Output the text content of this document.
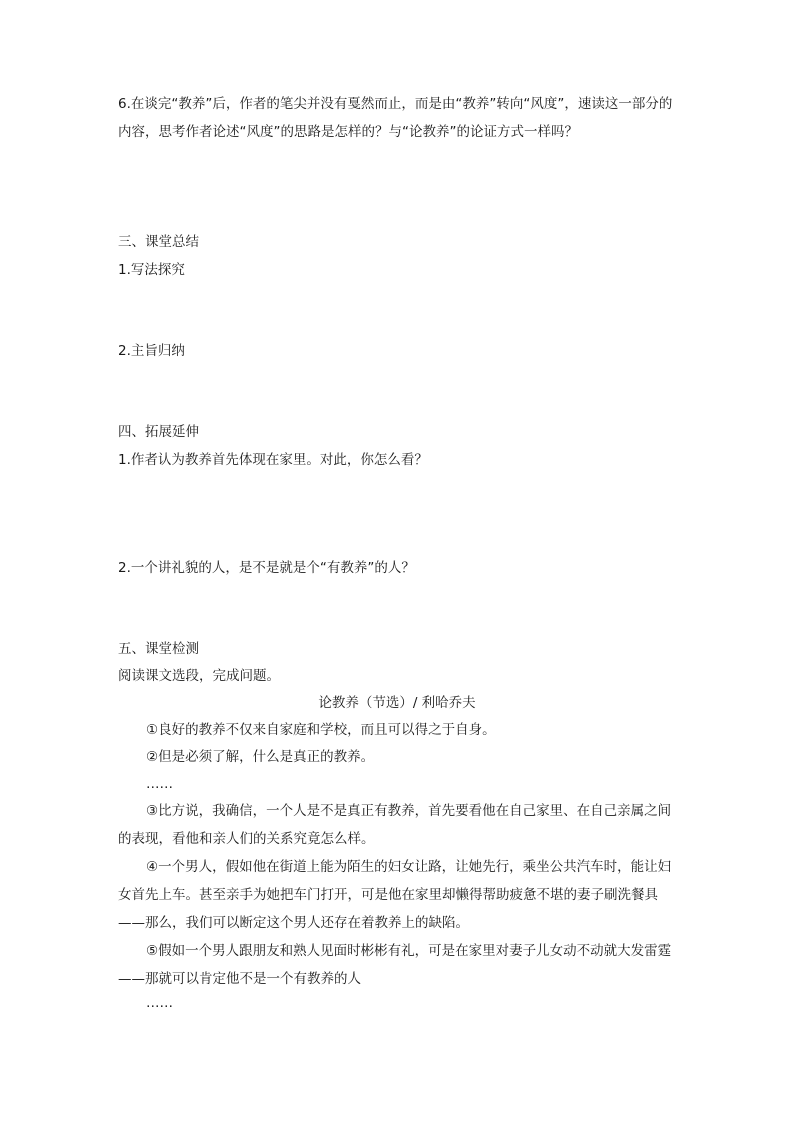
6.在谈完“教养”后，作者的笔尖并没有戛然而止，而是由“教养”转向“风度”，速读这一部分的内容，思考作者论述“风度”的思路是怎样的？与“论教养”的论证方式一样吗？
三、课堂总结
1.写法探究
2.主旨归纳
四、拓展延伸
1.作者认为教养首先体现在家里。对此，你怎么看？
2.一个讲礼貌的人，是不是就是个“有教养”的人？
五、课堂检测
阅读课文选段，完成问题。
论教养（节选）/ 利哈乔夫
①良好的教养不仅来自家庭和学校，而且可以得之于自身。
②但是必须了解，什么是真正的教养。
……
③比方说，我确信，一个人是不是真正有教养，首先要看他在自己家里、在自己亲属之间的表现，看他和亲人们的关系究竟怎么样。
④一个男人，假如他在街道上能为陌生的妇女让路，让她先行，乘坐公共汽车时，能让妇女首先上车。甚至亲手为她把车门打开，可是他在家里却懒得帮助疲惫不堪的妻子刷洗餐具——那么，我们可以断定这个男人还存在着教养上的缺陷。
⑤假如一个男人跟朋友和熟人见面时彬彬有礼，可是在家里对妻子儿女动不动就大发雷霆——那就可以肯定他不是一个有教养的人
……
